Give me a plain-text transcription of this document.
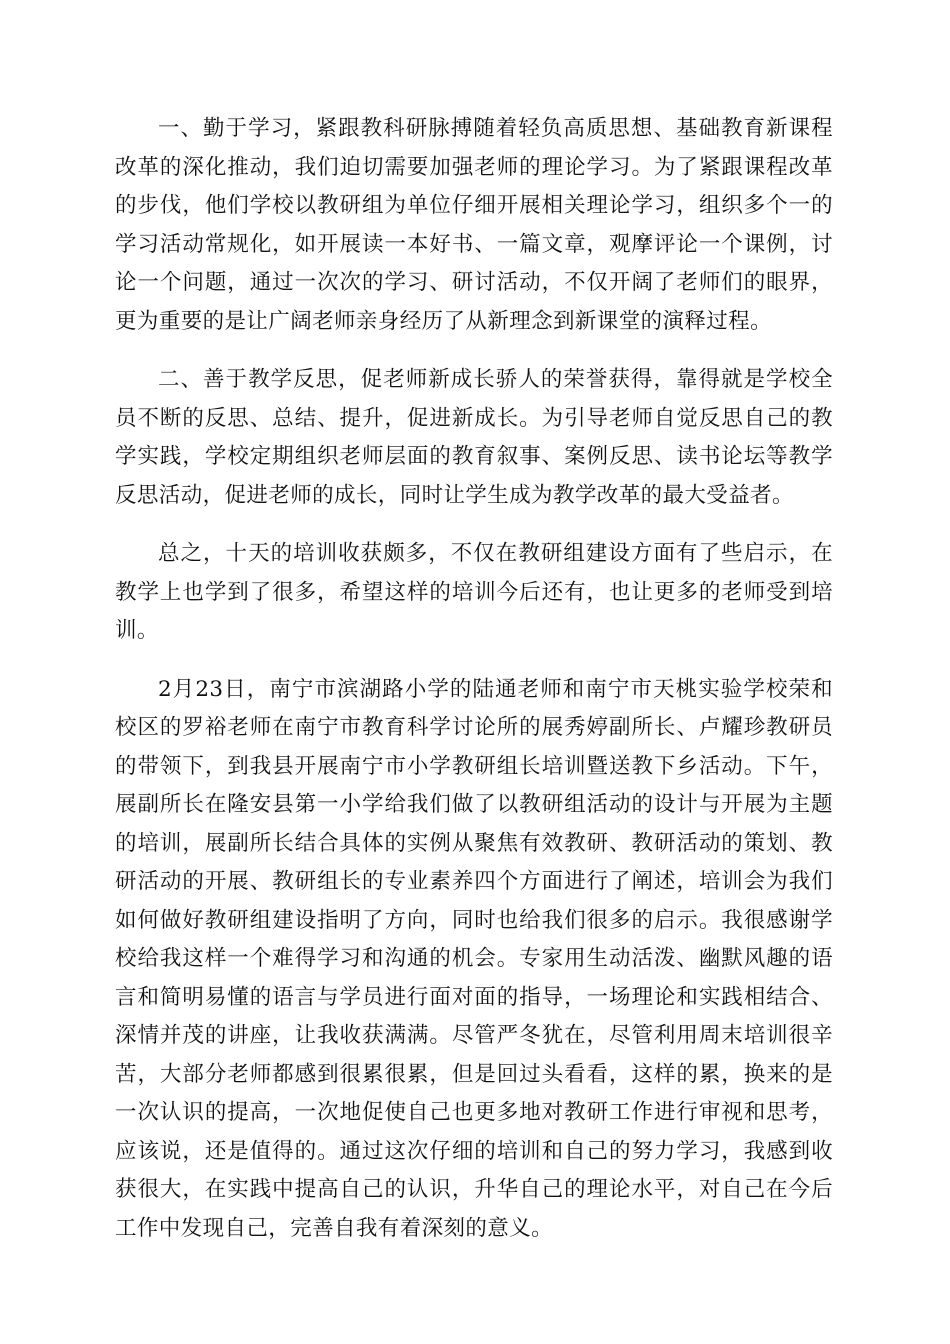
一、勤于学习，紧跟教科研脉搏随着轻负高质思想、基础教育新课程改革的深化推动，我们迫切需要加强老师的理论学习。为了紧跟课程改革的步伐，他们学校以教研组为单位仔细开展相关理论学习，组织多个一的学习活动常规化，如开展读一本好书、一篇文章，观摩评论一个课例，讨论一个问题，通过一次次的学习、研讨活动，不仅开阔了老师们的眼界，更为重要的是让广阔老师亲身经历了从新理念到新课堂的演释过程。

二、善于教学反思，促老师新成长骄人的荣誉获得，靠得就是学校全员不断的反思、总结、提升，促进新成长。为引导老师自觉反思自己的教学实践，学校定期组织老师层面的教育叙事、案例反思、读书论坛等教学反思活动，促进老师的成长，同时让学生成为教学改革的最大受益者。

总之，十天的培训收获颇多，不仅在教研组建设方面有了些启示，在教学上也学到了很多，希望这样的培训今后还有，也让更多的老师受到培训。

2月23日，南宁市滨湖路小学的陆通老师和南宁市天桃实验学校荣和校区的罗裕老师在南宁市教育科学讨论所的展秀婷副所长、卢耀珍教研员的带领下，到我县开展南宁市小学教研组长培训暨送教下乡活动。下午，展副所长在隆安县第一小学给我们做了以教研组活动的设计与开展为主题的培训，展副所长结合具体的实例从聚焦有效教研、教研活动的策划、教研活动的开展、教研组长的专业素养四个方面进行了阐述，培训会为我们如何做好教研组建设指明了方向，同时也给我们很多的启示。我很感谢学校给我这样一个难得学习和沟通的机会。专家用生动活泼、幽默风趣的语言和简明易懂的语言与学员进行面对面的指导，一场理论和实践相结合、深情并茂的讲座，让我收获满满。尽管严冬犹在，尽管利用周末培训很辛苦，大部分老师都感到很累很累，但是回过头看看，这样的累，换来的是一次认识的提高，一次地促使自己也更多地对教研工作进行审视和思考，应该说，还是值得的。通过这次仔细的培训和自己的努力学习，我感到收获很大，在实践中提高自己的认识，升华自己的理论水平，对自己在今后工作中发现自己，完善自我有着深刻的意义。
